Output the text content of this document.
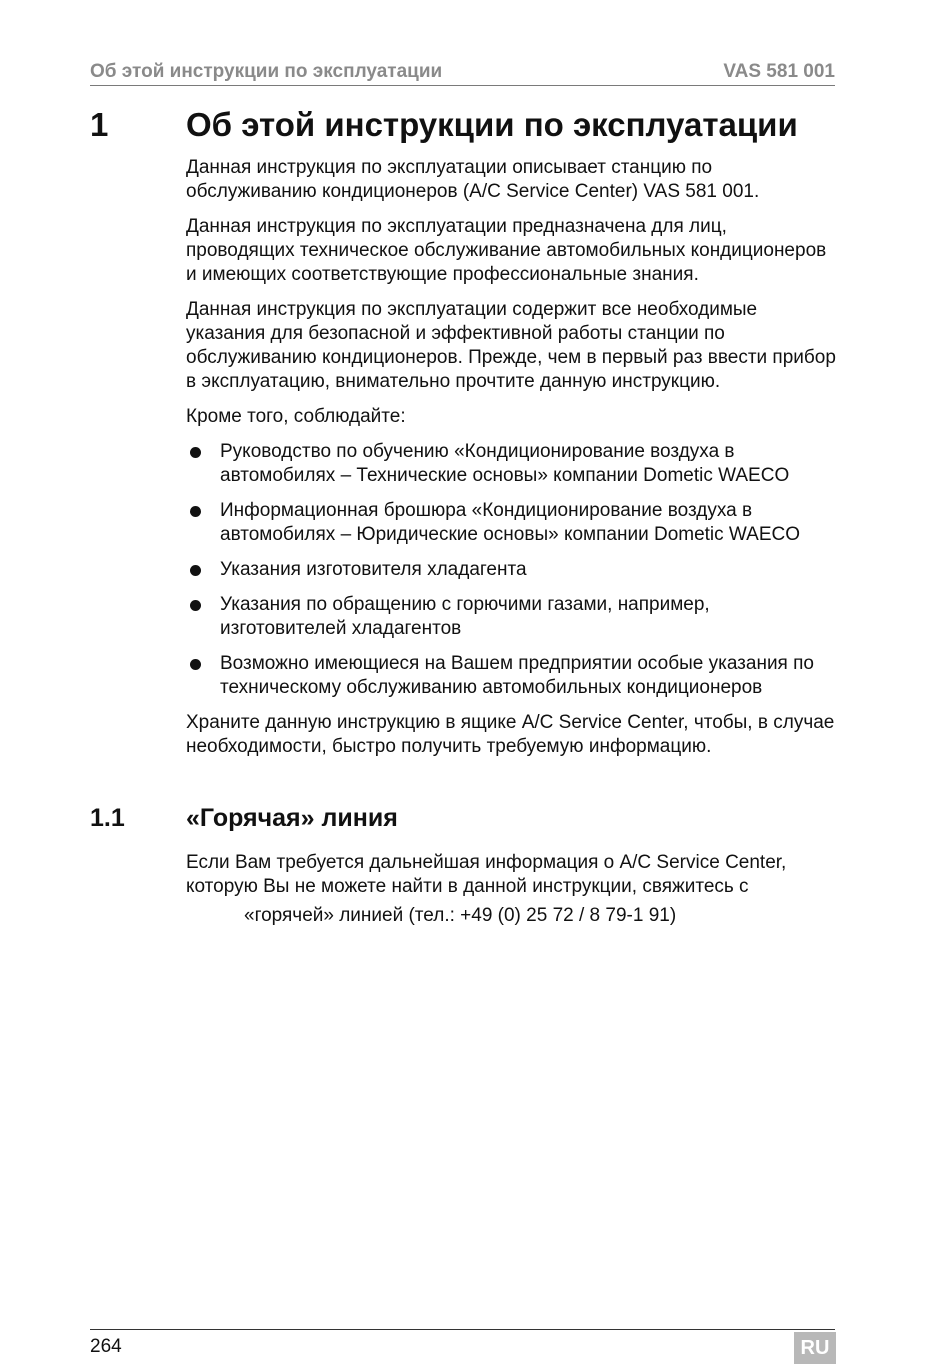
Об этой инструкции по эксплуатации	VAS 581 001
1 Об этой инструкции по эксплуатации

Данная инструкция по эксплуатации описывает станцию по обслуживанию кондиционеров (A/C Service Center) VAS 581 001.

Данная инструкция по эксплуатации предназначена для лиц, проводящих техническое обслуживание автомобильных кондиционеров и имеющих соответствующие профессиональные знания.

Данная инструкция по эксплуатации содержит все необходимые указания для безопасной и эффективной работы станции по обслуживанию кондиционеров. Прежде, чем в первый раз ввести прибор в эксплуатацию, внимательно прочтите данную инструкцию.

Кроме того, соблюдайте:

Руководство по обучению «Кондиционирование воздуха в автомобилях – Технические основы» компании Dometic WAECO
Информационная брошюра «Кондиционирование воздуха в автомобилях – Юридические основы» компании Dometic WAECO
Указания изготовителя хладагента
Указания по обращению с горючими газами, например, изготовителей хладагентов
Возможно имеющиеся на Вашем предприятии особые указания по техническому обслуживанию автомобильных кондиционеров

Храните данную инструкцию в ящике A/C Service Center, чтобы, в случае необходимости, быстро получить требуемую информацию.

1.1 «Горячая» линия

Если Вам требуется дальнейшая информация о A/C Service Center, которую Вы не можете найти в данной инструкции, свяжитесь с

«горячей» линией (тел.: +49 (0) 25 72 / 8 79-1 91)
264	RU
